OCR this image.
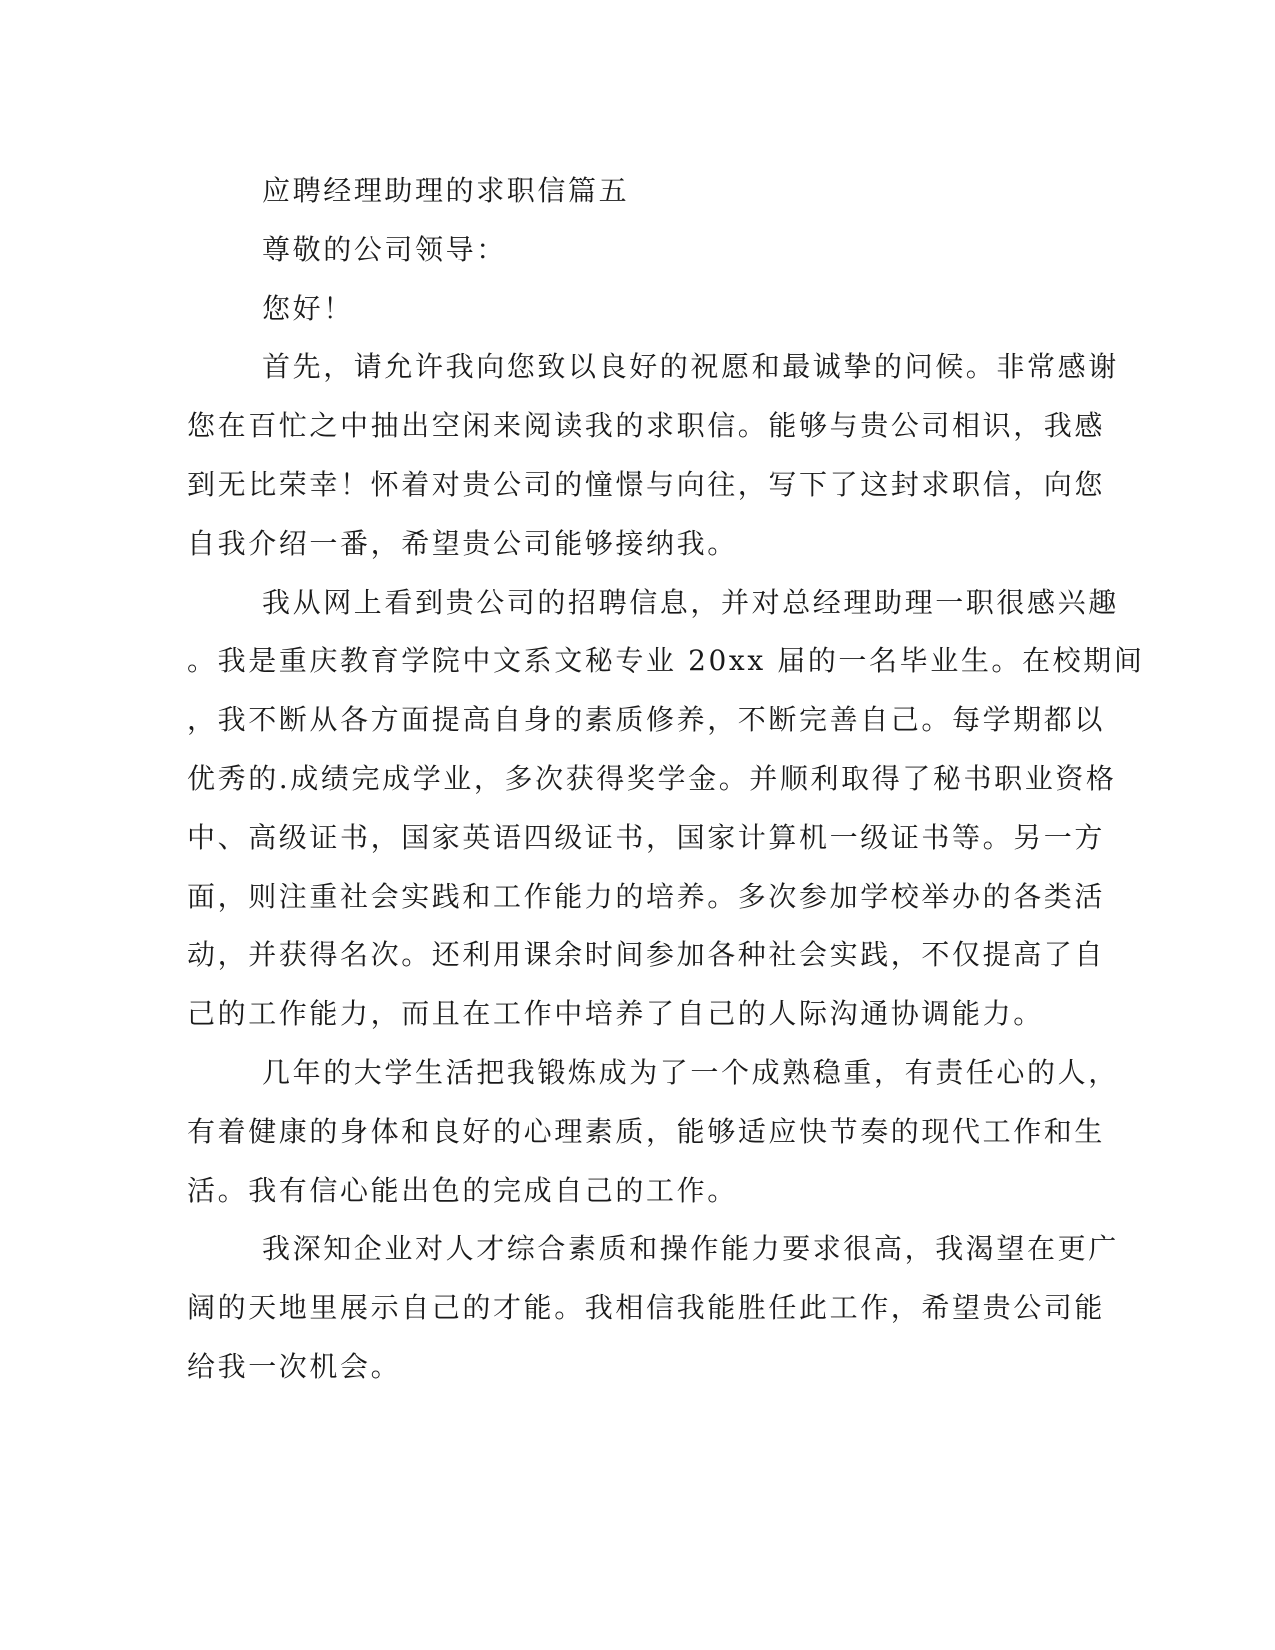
应聘经理助理的求职信篇五

尊敬的公司领导：

您好！

首先，请允许我向您致以良好的祝愿和最诚挚的问候。非常感谢

您在百忙之中抽出空闲来阅读我的求职信。能够与贵公司相识，我感

到无比荣幸！怀着对贵公司的憧憬与向往，写下了这封求职信，向您

自我介绍一番，希望贵公司能够接纳我。

我从网上看到贵公司的招聘信息，并对总经理助理一职很感兴趣

。我是重庆教育学院中文系文秘专业 20xx 届的一名毕业生。在校期间

，我不断从各方面提高自身的素质修养，不断完善自己。每学期都以

优秀的.成绩完成学业，多次获得奖学金。并顺利取得了秘书职业资格

中、高级证书，国家英语四级证书，国家计算机一级证书等。另一方

面，则注重社会实践和工作能力的培养。多次参加学校举办的各类活

动，并获得名次。还利用课余时间参加各种社会实践，不仅提高了自

己的工作能力，而且在工作中培养了自己的人际沟通协调能力。

几年的大学生活把我锻炼成为了一个成熟稳重，有责任心的人，

有着健康的身体和良好的心理素质，能够适应快节奏的现代工作和生

活。我有信心能出色的完成自己的工作。

我深知企业对人才综合素质和操作能力要求很高，我渴望在更广

阔的天地里展示自己的才能。我相信我能胜任此工作，希望贵公司能

给我一次机会。
